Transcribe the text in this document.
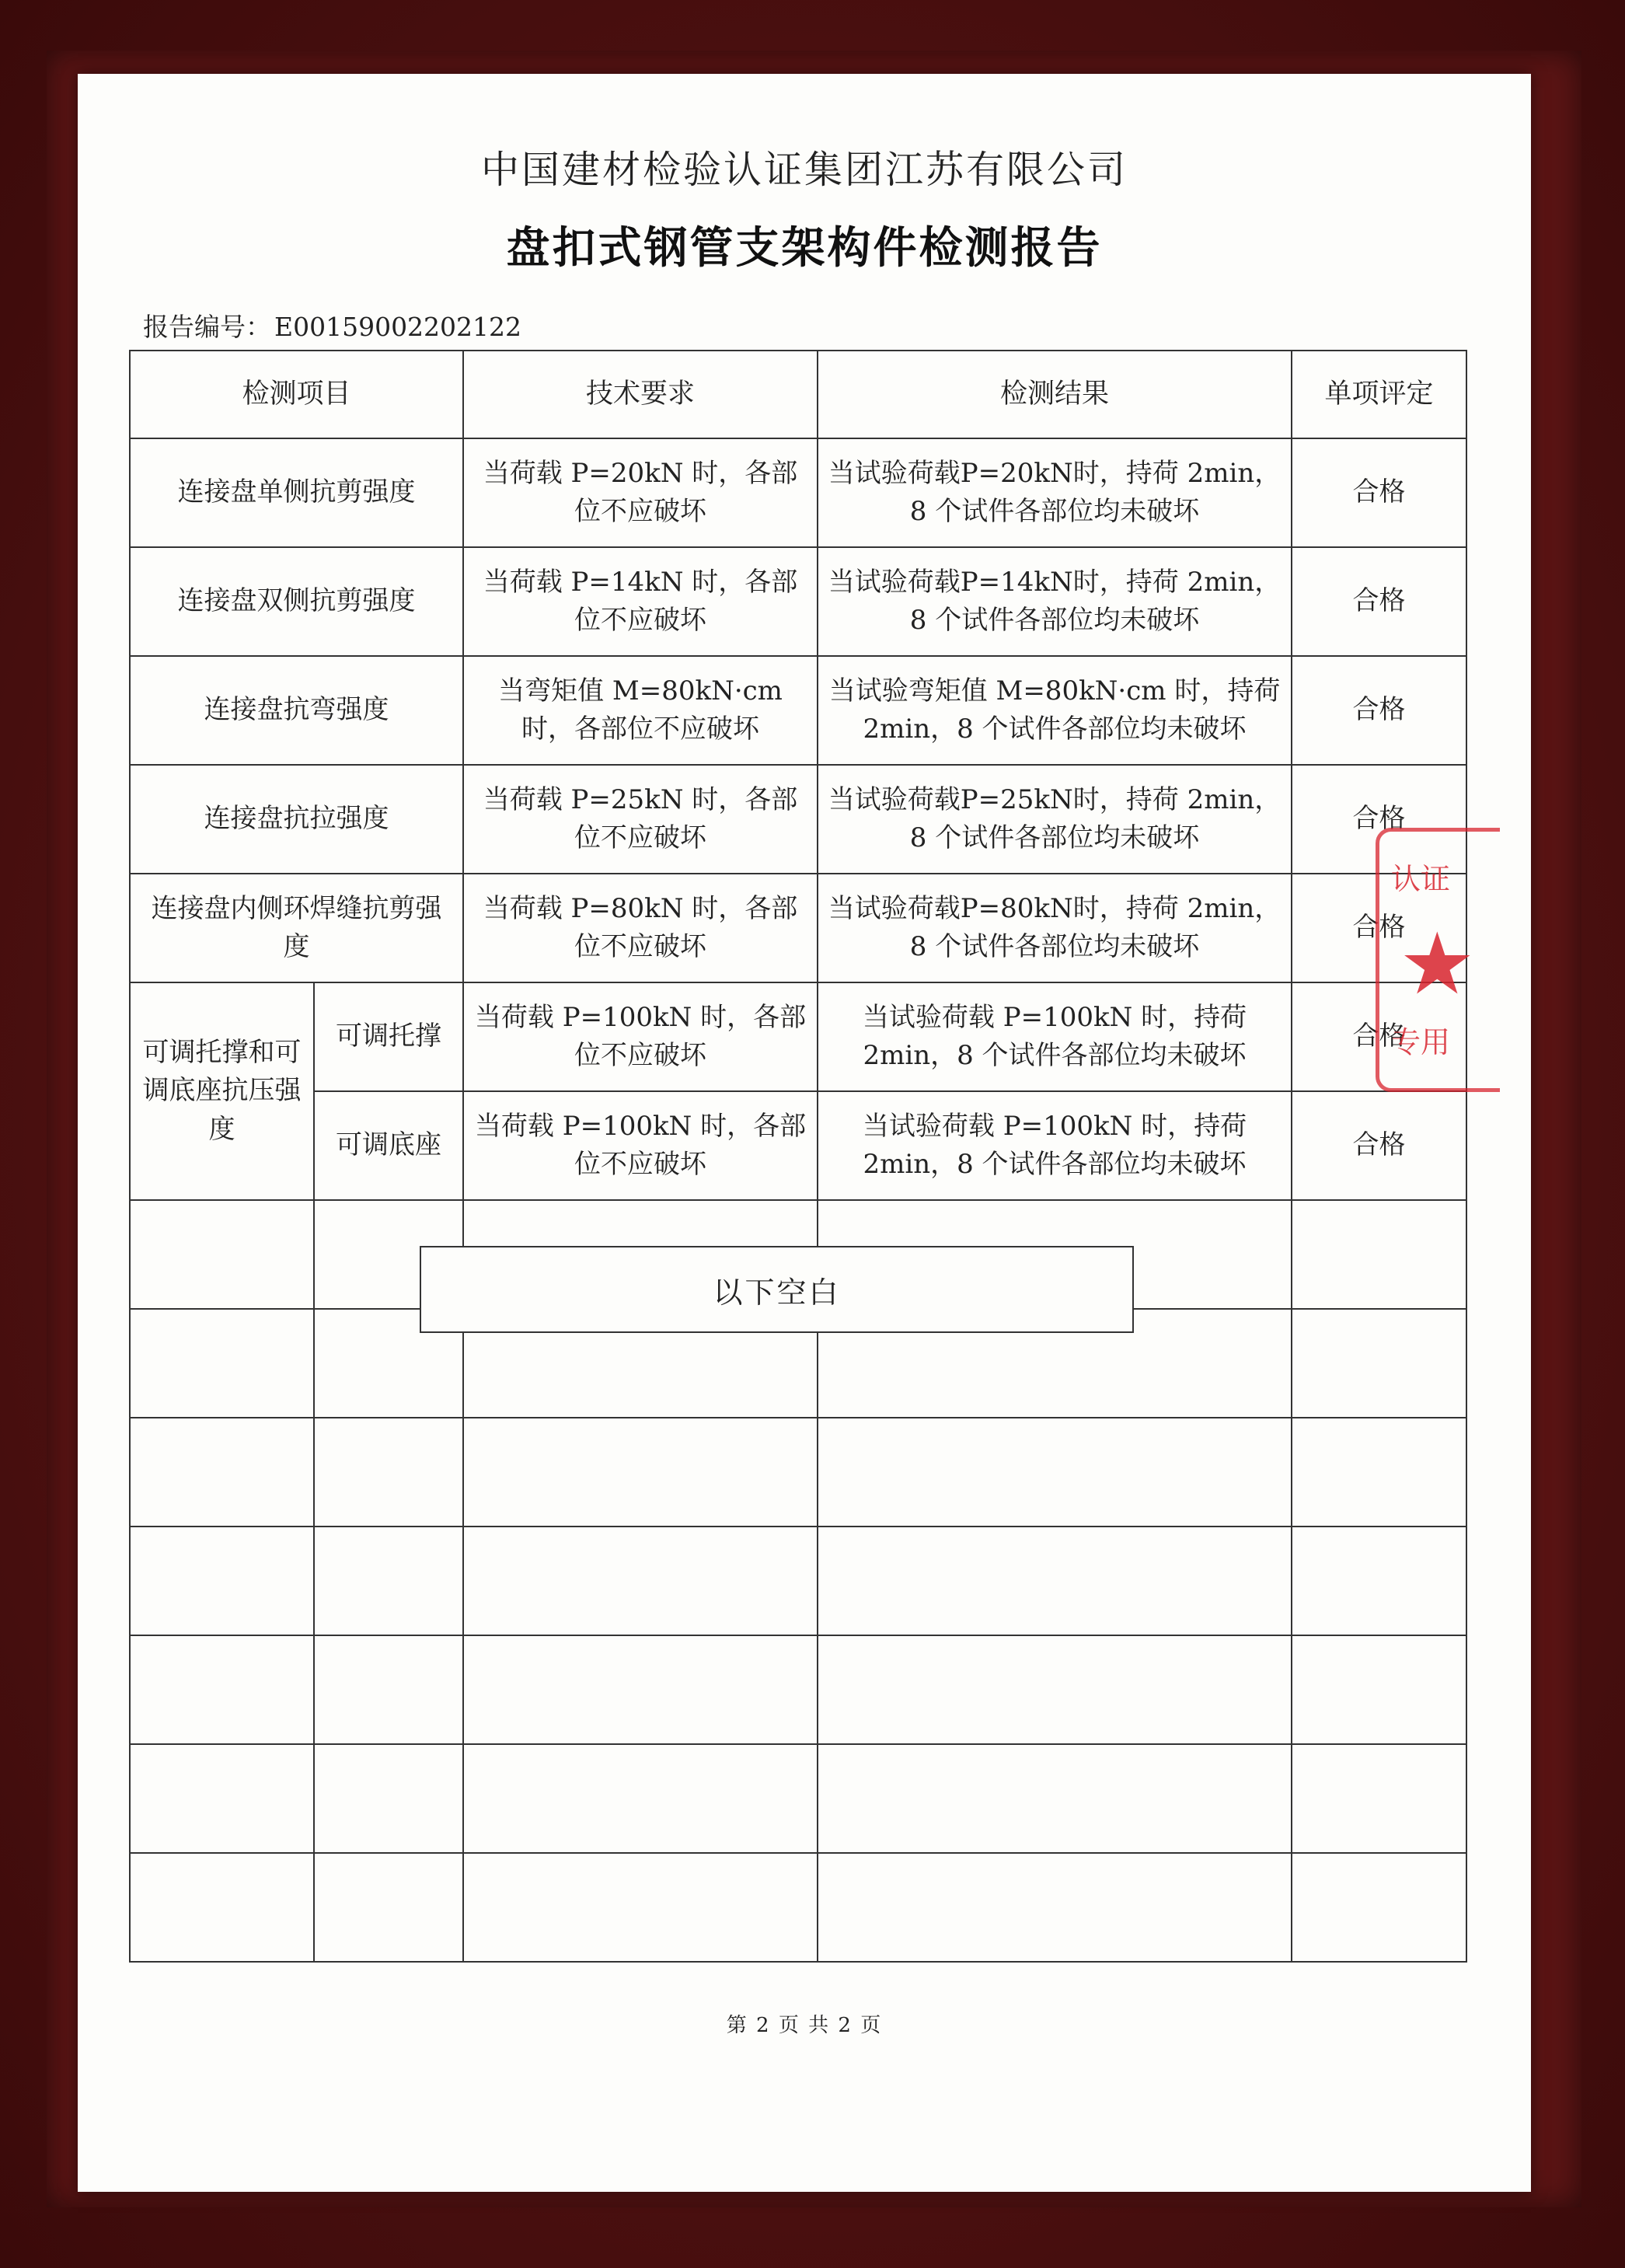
中国建材检验认证集团江苏有限公司
盘扣式钢管支架构件检测报告
报告编号： E00159002202122
检测项目		技术要求	检测结果	单项评定
连接盘单侧抗剪强度		当荷载 P=20kN 时，各部位不应破坏	当试验荷载P=20kN时，持荷 2min，8 个试件各部位均未破坏	合格
连接盘双侧抗剪强度		当荷载 P=14kN 时，各部位不应破坏	当试验荷载P=14kN时，持荷 2min，8 个试件各部位均未破坏	合格
连接盘抗弯强度		当弯矩值 M=80kN·cm 时，各部位不应破坏	当试验弯矩值 M=80kN·cm 时，持荷 2min，8 个试件各部位均未破坏	合格
连接盘抗拉强度		当荷载 P=25kN 时，各部位不应破坏	当试验荷载P=25kN时，持荷 2min，8 个试件各部位均未破坏	合格
连接盘内侧环焊缝抗剪强度		当荷载 P=80kN 时，各部位不应破坏	当试验荷载P=80kN时，持荷 2min，8 个试件各部位均未破坏	合格
可调托撑和可调底座抗压强度	可调托撑	当荷载 P=100kN 时，各部位不应破坏	当试验荷载 P=100kN 时，持荷 2min，8 个试件各部位均未破坏	合格
	可调底座	当荷载 P=100kN 时，各部位不应破坏	当试验荷载 P=100kN 时，持荷 2min，8 个试件各部位均未破坏	合格

以下空白
第 2 页 共 2 页
认证
★
专用
